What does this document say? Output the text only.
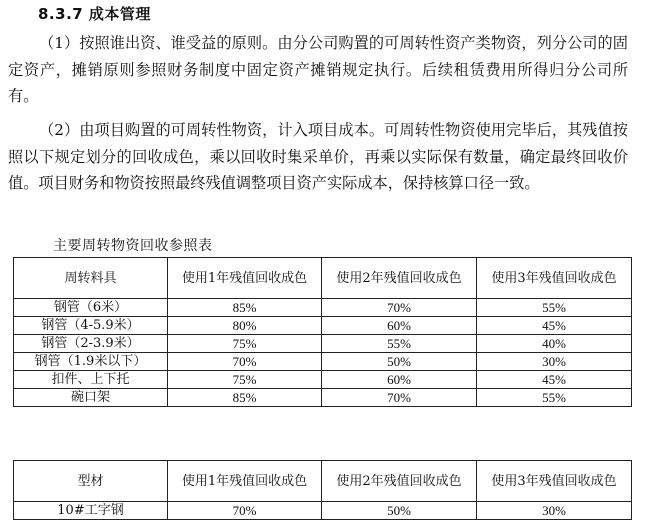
8.3.7 成本管理

（1）按照谁出资、谁受益的原则。由分公司购置的可周转性资产类物资，列分公司的固定资产，摊销原则参照财务制度中固定资产摊销规定执行。后续租赁费用所得归分公司所有。

（2）由项目购置的可周转性物资，计入项目成本。可周转性物资使用完毕后，其残值按照以下规定划分的回收成色，乘以回收时集采单价，再乘以实际保有数量，确定最终回收价值。项目财务和物资按照最终残值调整项目资产实际成本，保持核算口径一致。

主要周转物资回收参照表
周转料具	使用1年残值回收成色	使用2年残值回收成色	使用3年残值回收成色
钢管（6米）	85%	70%	55%
钢管（4-5.9米）	80%	60%	45%
钢管（2-3.9米）	75%	55%	40%
钢管（1.9米以下）	70%	50%	30%
扣件、上下托	75%	60%	45%
碗口架	85%	70%	55%
型材	使用1年残值回收成色	使用2年残值回收成色	使用3年残值回收成色
10#工字钢	70%	50%	30%
